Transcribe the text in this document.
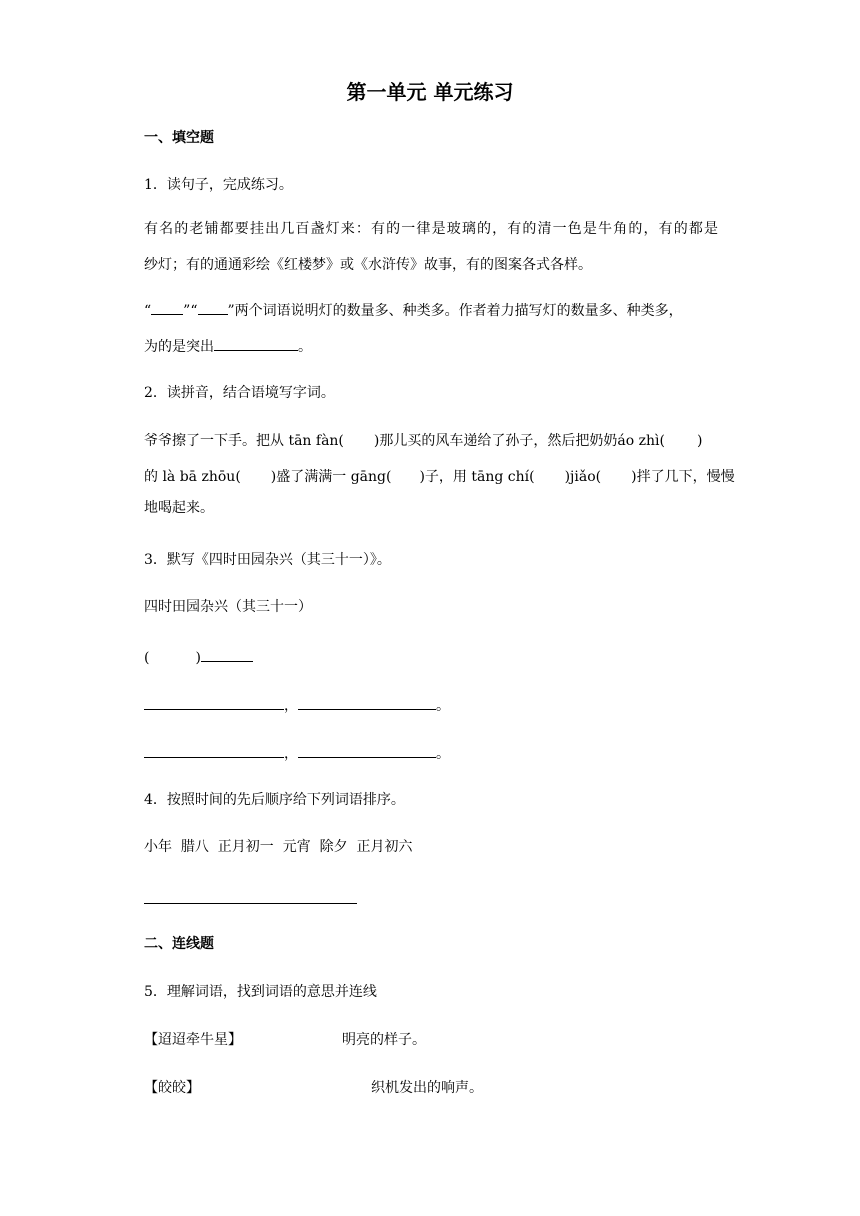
第一单元 单元练习
一、填空题
1．读句子，完成练习。
有名的老铺都要挂出几百盏灯来：有的一律是玻璃的，有的清一色是牛角的，有的都是
纱灯；有的通通彩绘《红楼梦》或《水浒传》故事，有的图案各式各样。
“ ”“ ”两个词语说明灯的数量多、种类多。作者着力描写灯的数量多、种类多，
为的是突出	。
2．读拼音，结合语境写字词。
爷爷擦了一下手。把从 tān fàn( )那儿买的风车递给了孙子，然后把奶奶áo zhì( )
的 là bā zhōu( )盛了满满一 gāng( )子，用 tāng chí( )jiǎo( )拌了几下，慢慢
地喝起来。
3．默写《四时田园杂兴（其三十一）》。
四时田园杂兴（其三十一）
(	)
，	。
，	。
4．按照时间的先后顺序给下列词语排序。
小年  腊八  正月初一  元宵  除夕  正月初六
二、连线题
5．理解词语，找到词语的意思并连线
【迢迢牵牛星】	明亮的样子。
【皎皎】	织机发出的响声。
